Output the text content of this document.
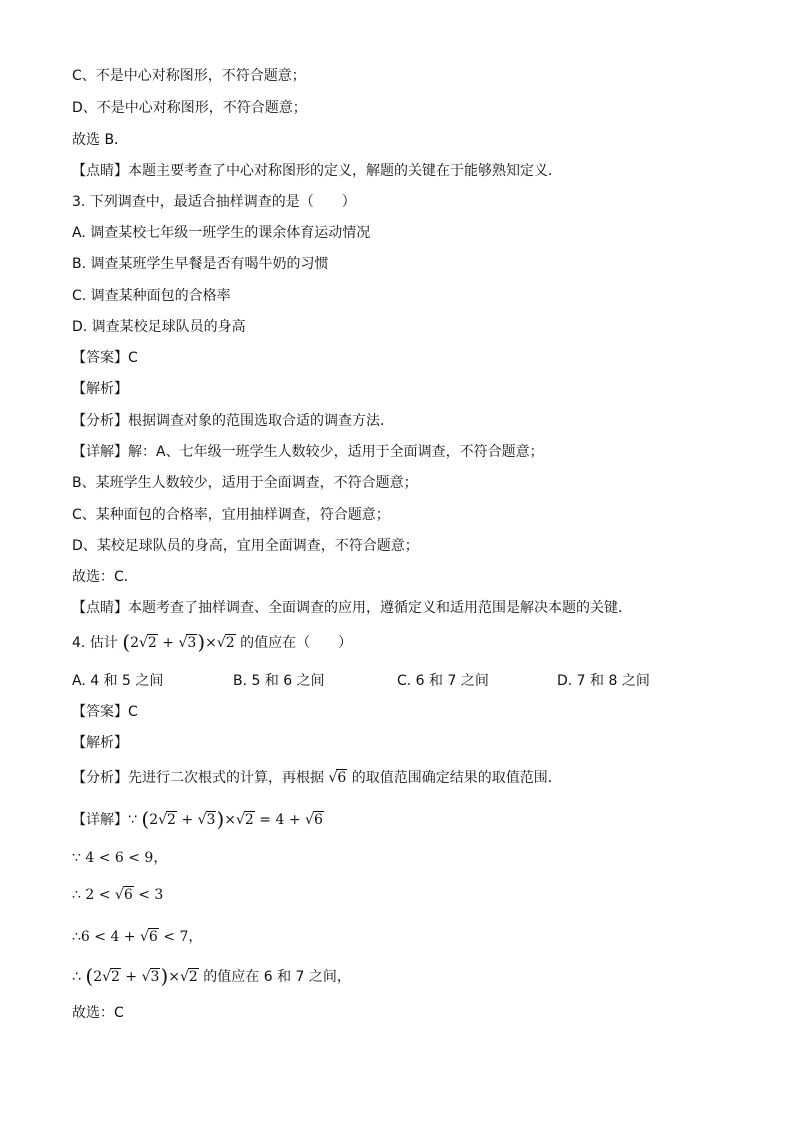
C、不是中心对称图形，不符合题意；
D、不是中心对称图形，不符合题意；
故选 B．
【点睛】本题主要考查了中心对称图形的定义，解题的关键在于能够熟知定义．
3. 下列调查中，最适合抽样调查的是（　　）
A. 调查某校七年级一班学生的课余体育运动情况
B. 调查某班学生早餐是否有喝牛奶的习惯
C. 调查某种面包的合格率
D. 调查某校足球队员的身高
【答案】C
【解析】
【分析】根据调查对象的范围选取合适的调查方法．
【详解】解：A、七年级一班学生人数较少，适用于全面调查，不符合题意；
B、某班学生人数较少，适用于全面调查，不符合题意；
C、某种面包的合格率，宜用抽样调查，符合题意；
D、某校足球队员的身高，宜用全面调查，不符合题意；
故选：C．
【点睛】本题考查了抽样调查、全面调查的应用，遵循定义和适用范围是解决本题的关键．
4. 估计 (2√2 + √3)×√2 的值应在（　　）
A. 4 和 5 之间	B. 5 和 6 之间	C. 6 和 7 之间	D. 7 和 8 之间
【答案】C
【解析】
【分析】先进行二次根式的计算，再根据 √6 的取值范围确定结果的取值范围．
【详解】∵ (2√2 + √3)×√2 = 4 + √6
∵ 4 < 6 < 9，
∴ 2 < √6 < 3
∴6 < 4 + √6 < 7，
∴ (2√2 + √3)×√2 的值应在 6 和 7 之间，
故选：C
